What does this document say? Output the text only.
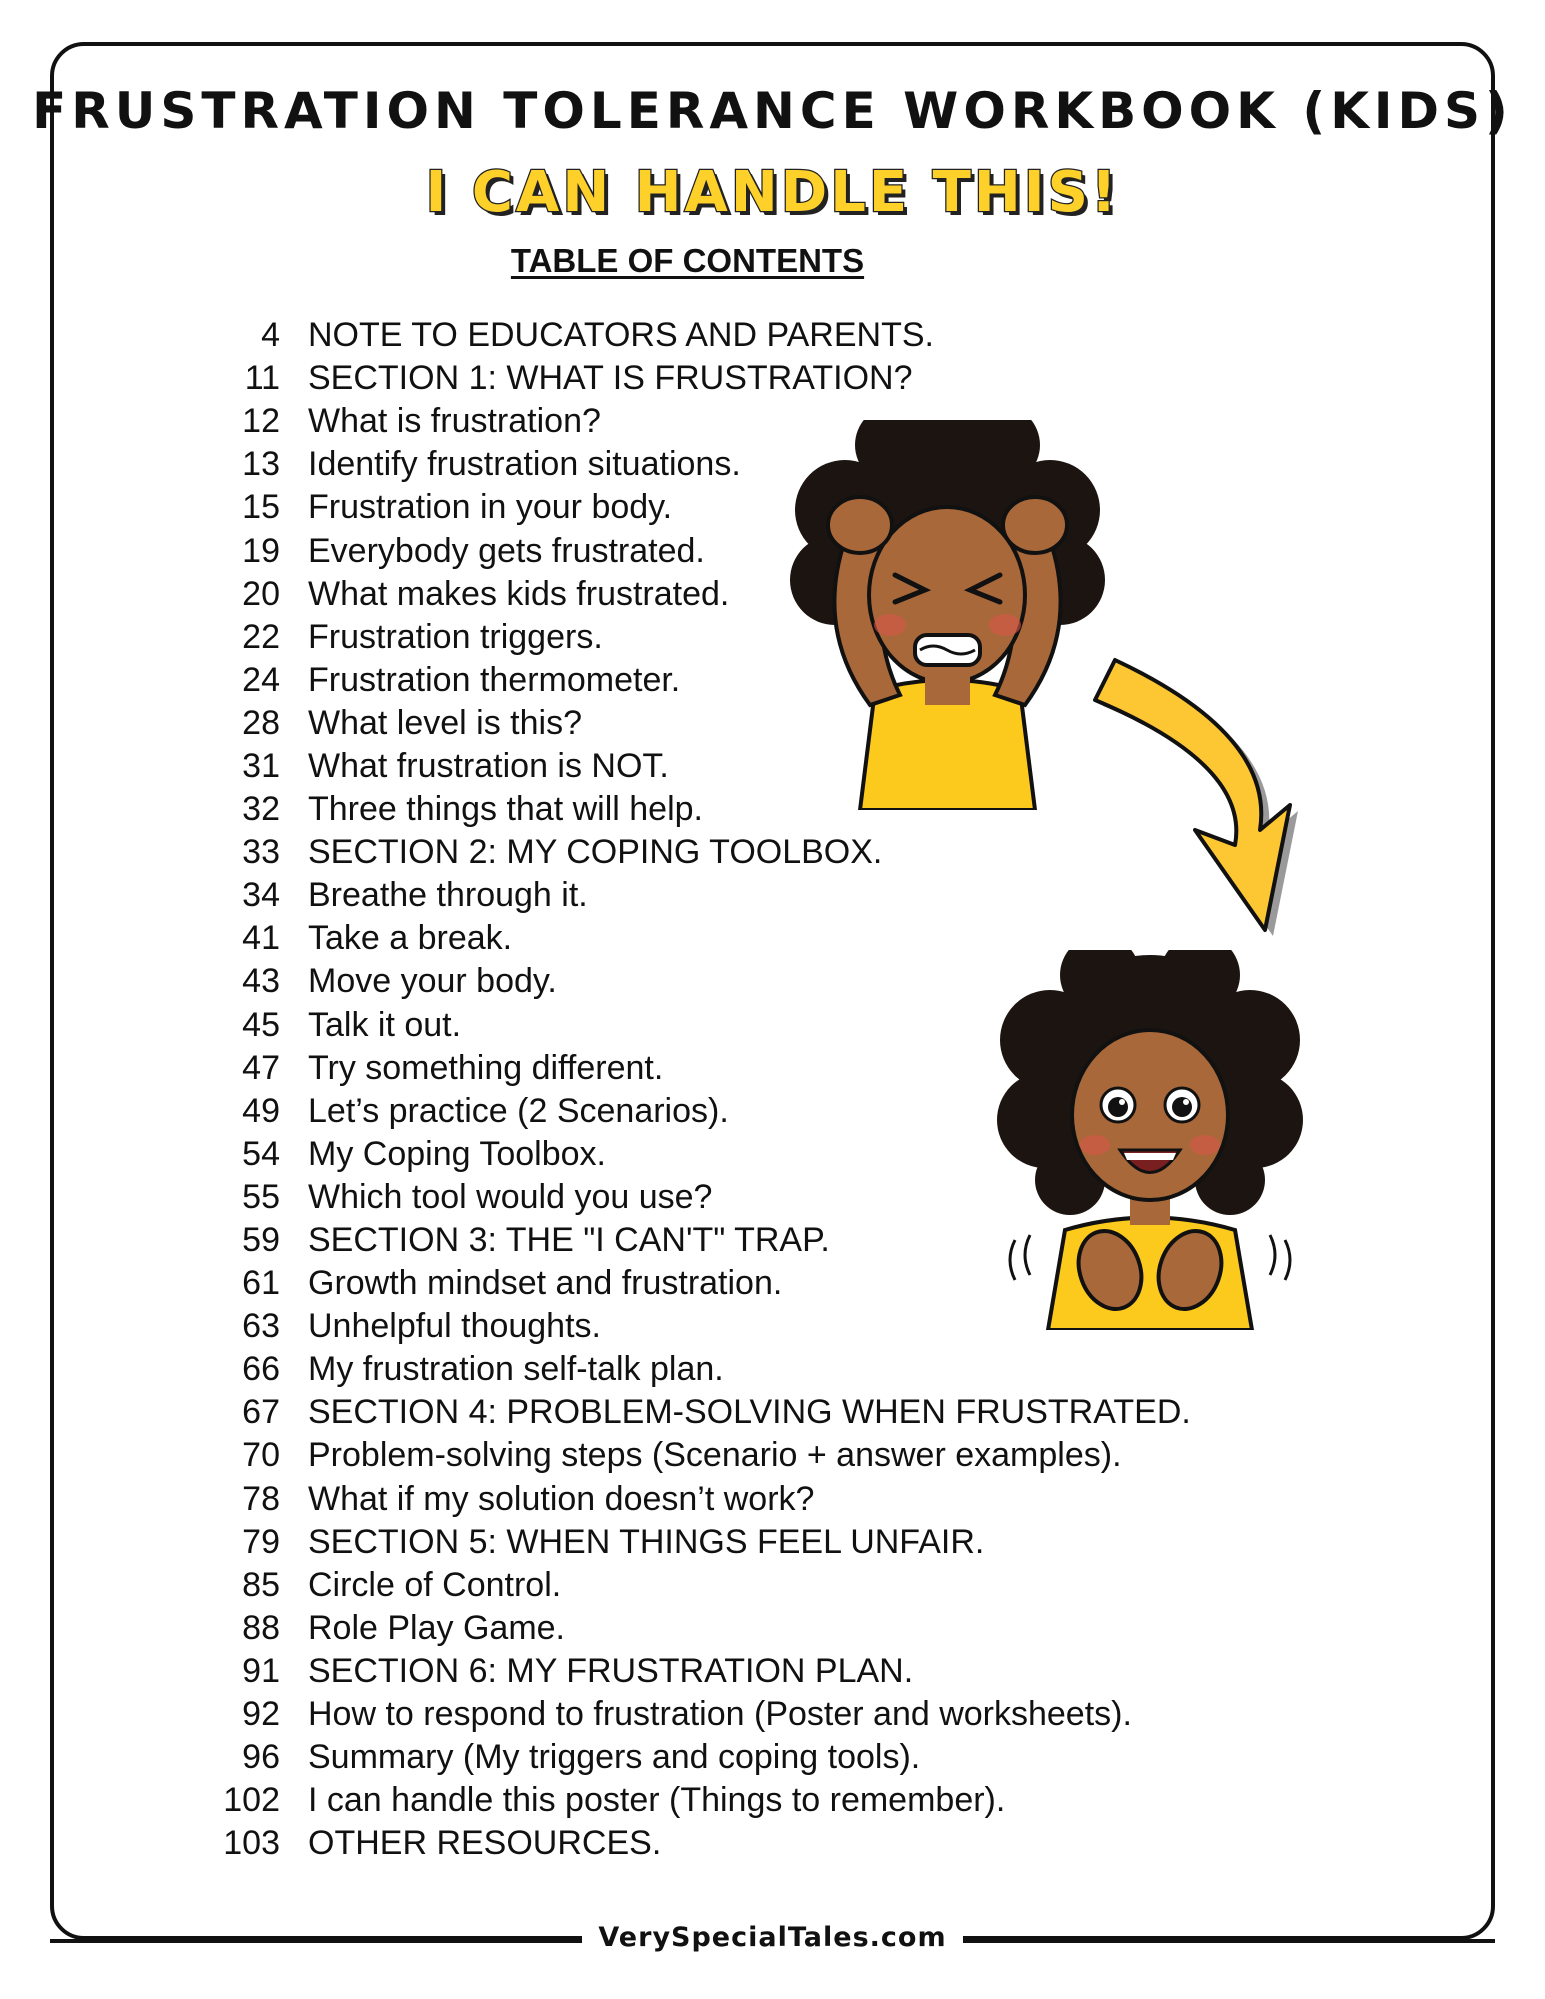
FRUSTRATION TOLERANCE WORKBOOK (KIDS)
I CAN HANDLE THIS!
TABLE OF CONTENTS
4 NOTE TO EDUCATORS AND PARENTS.
11 SECTION 1: WHAT IS FRUSTRATION?
12 What is frustration?
13 Identify frustration situations.
15 Frustration in your body.
19 Everybody gets frustrated.
20 What makes kids frustrated.
22 Frustration triggers.
24 Frustration thermometer.
28 What level is this?
31 What frustration is NOT.
32 Three things that will help.
33 SECTION 2: MY COPING TOOLBOX.
34 Breathe through it.
41 Take a break.
43 Move your body.
45 Talk it out.
47 Try something different.
49 Let’s practice (2 Scenarios).
54 My Coping Toolbox.
55 Which tool would you use?
59 SECTION 3: THE "I CAN'T" TRAP.
61 Growth mindset and frustration.
63 Unhelpful thoughts.
66 My frustration self-talk plan.
67 SECTION 4: PROBLEM-SOLVING WHEN FRUSTRATED.
70 Problem-solving steps (Scenario + answer examples).
78 What if my solution doesn’t work?
79 SECTION 5: WHEN THINGS FEEL UNFAIR.
85 Circle of Control.
88 Role Play Game.
91 SECTION 6: MY FRUSTRATION PLAN.
92 How to respond to frustration (Poster and worksheets).
96 Summary (My triggers and coping tools).
102 I can handle this poster (Things to remember).
103 OTHER RESOURCES.
VerySpecialTales.com
